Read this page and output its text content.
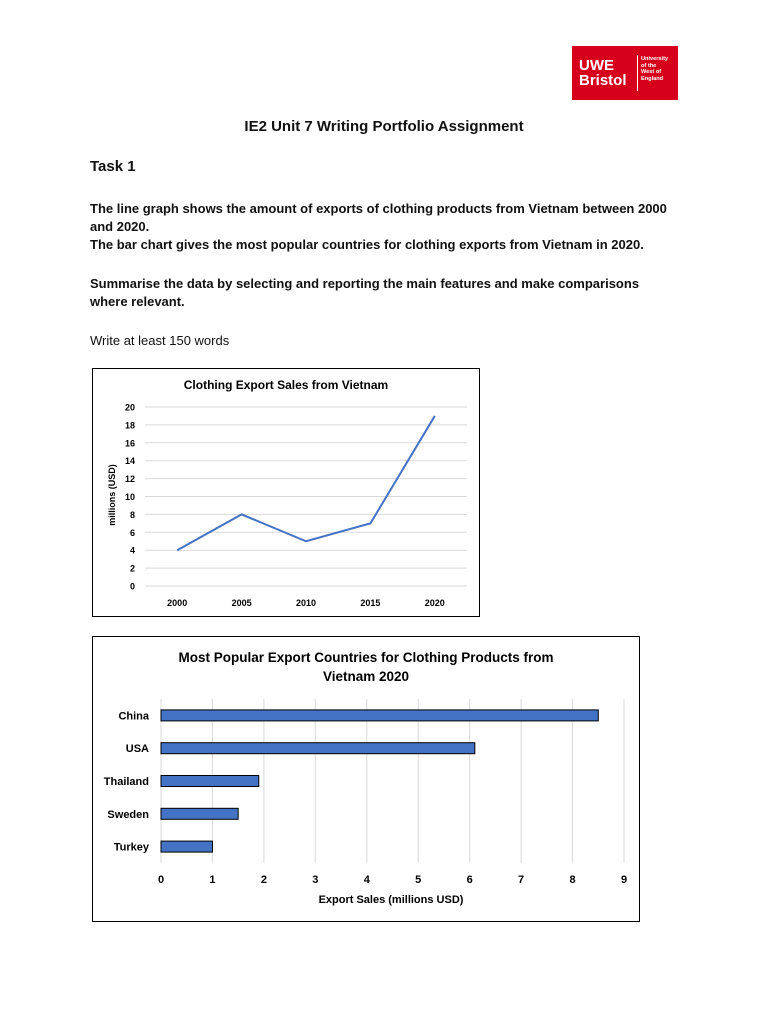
UWE
Bristol
University
of the
West of
England
IE2 Unit 7 Writing Portfolio Assignment
Task 1
The line graph shows the amount of exports of clothing products from Vietnam between 2000
and 2020.
The bar chart gives the most popular countries for clothing exports from Vietnam in 2020.
Summarise the data by selecting and reporting the main features and make comparisons
where relevant.
Write at least 150 words
0
2
4
6
8
10
12
14
16
18
20
2000	2005	2010	2015	2020
Clothing Export Sales from Vietnam
millions (USD)
China
USA
Thailand
Sweden
Turkey
0	1	2	3	4	5	6	7	8	9
Most Popular Export Countries for Clothing Products from
Vietnam 2020
Export Sales (millions USD)
